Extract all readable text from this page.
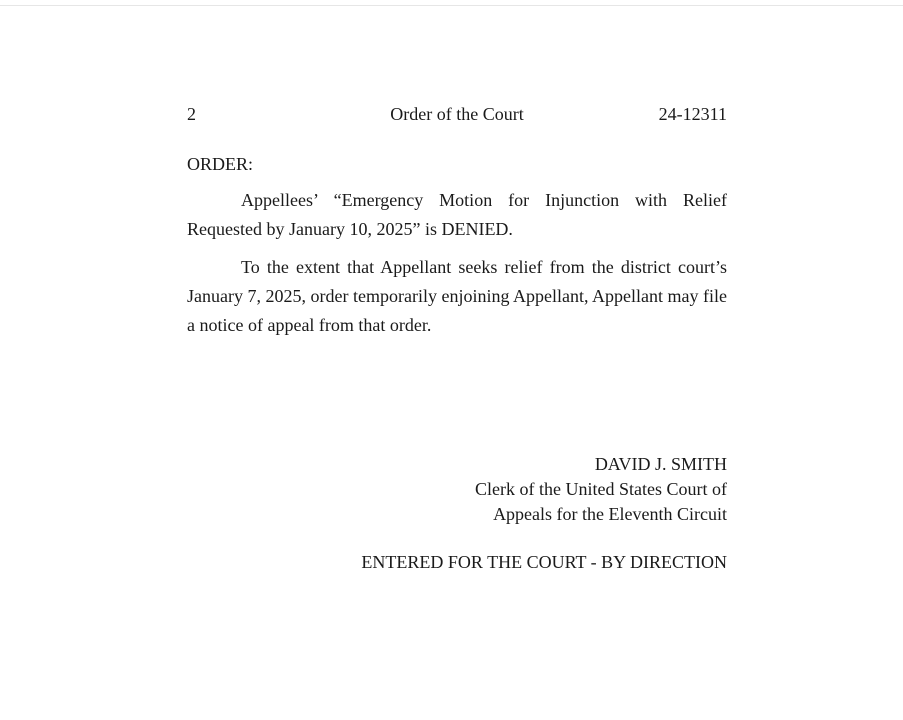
2	Order of the Court	24-12311
ORDER:

Appellees’ “Emergency Motion for Injunction with Relief Requested by January 10, 2025” is DENIED.

To the extent that Appellant seeks relief from the district court’s January 7, 2025, order temporarily enjoining Appellant, Appellant may file a notice of appeal from that order.

DAVID J. SMITH
Clerk of the United States Court of
Appeals for the Eleventh Circuit
ENTERED FOR THE COURT - BY DIRECTION
